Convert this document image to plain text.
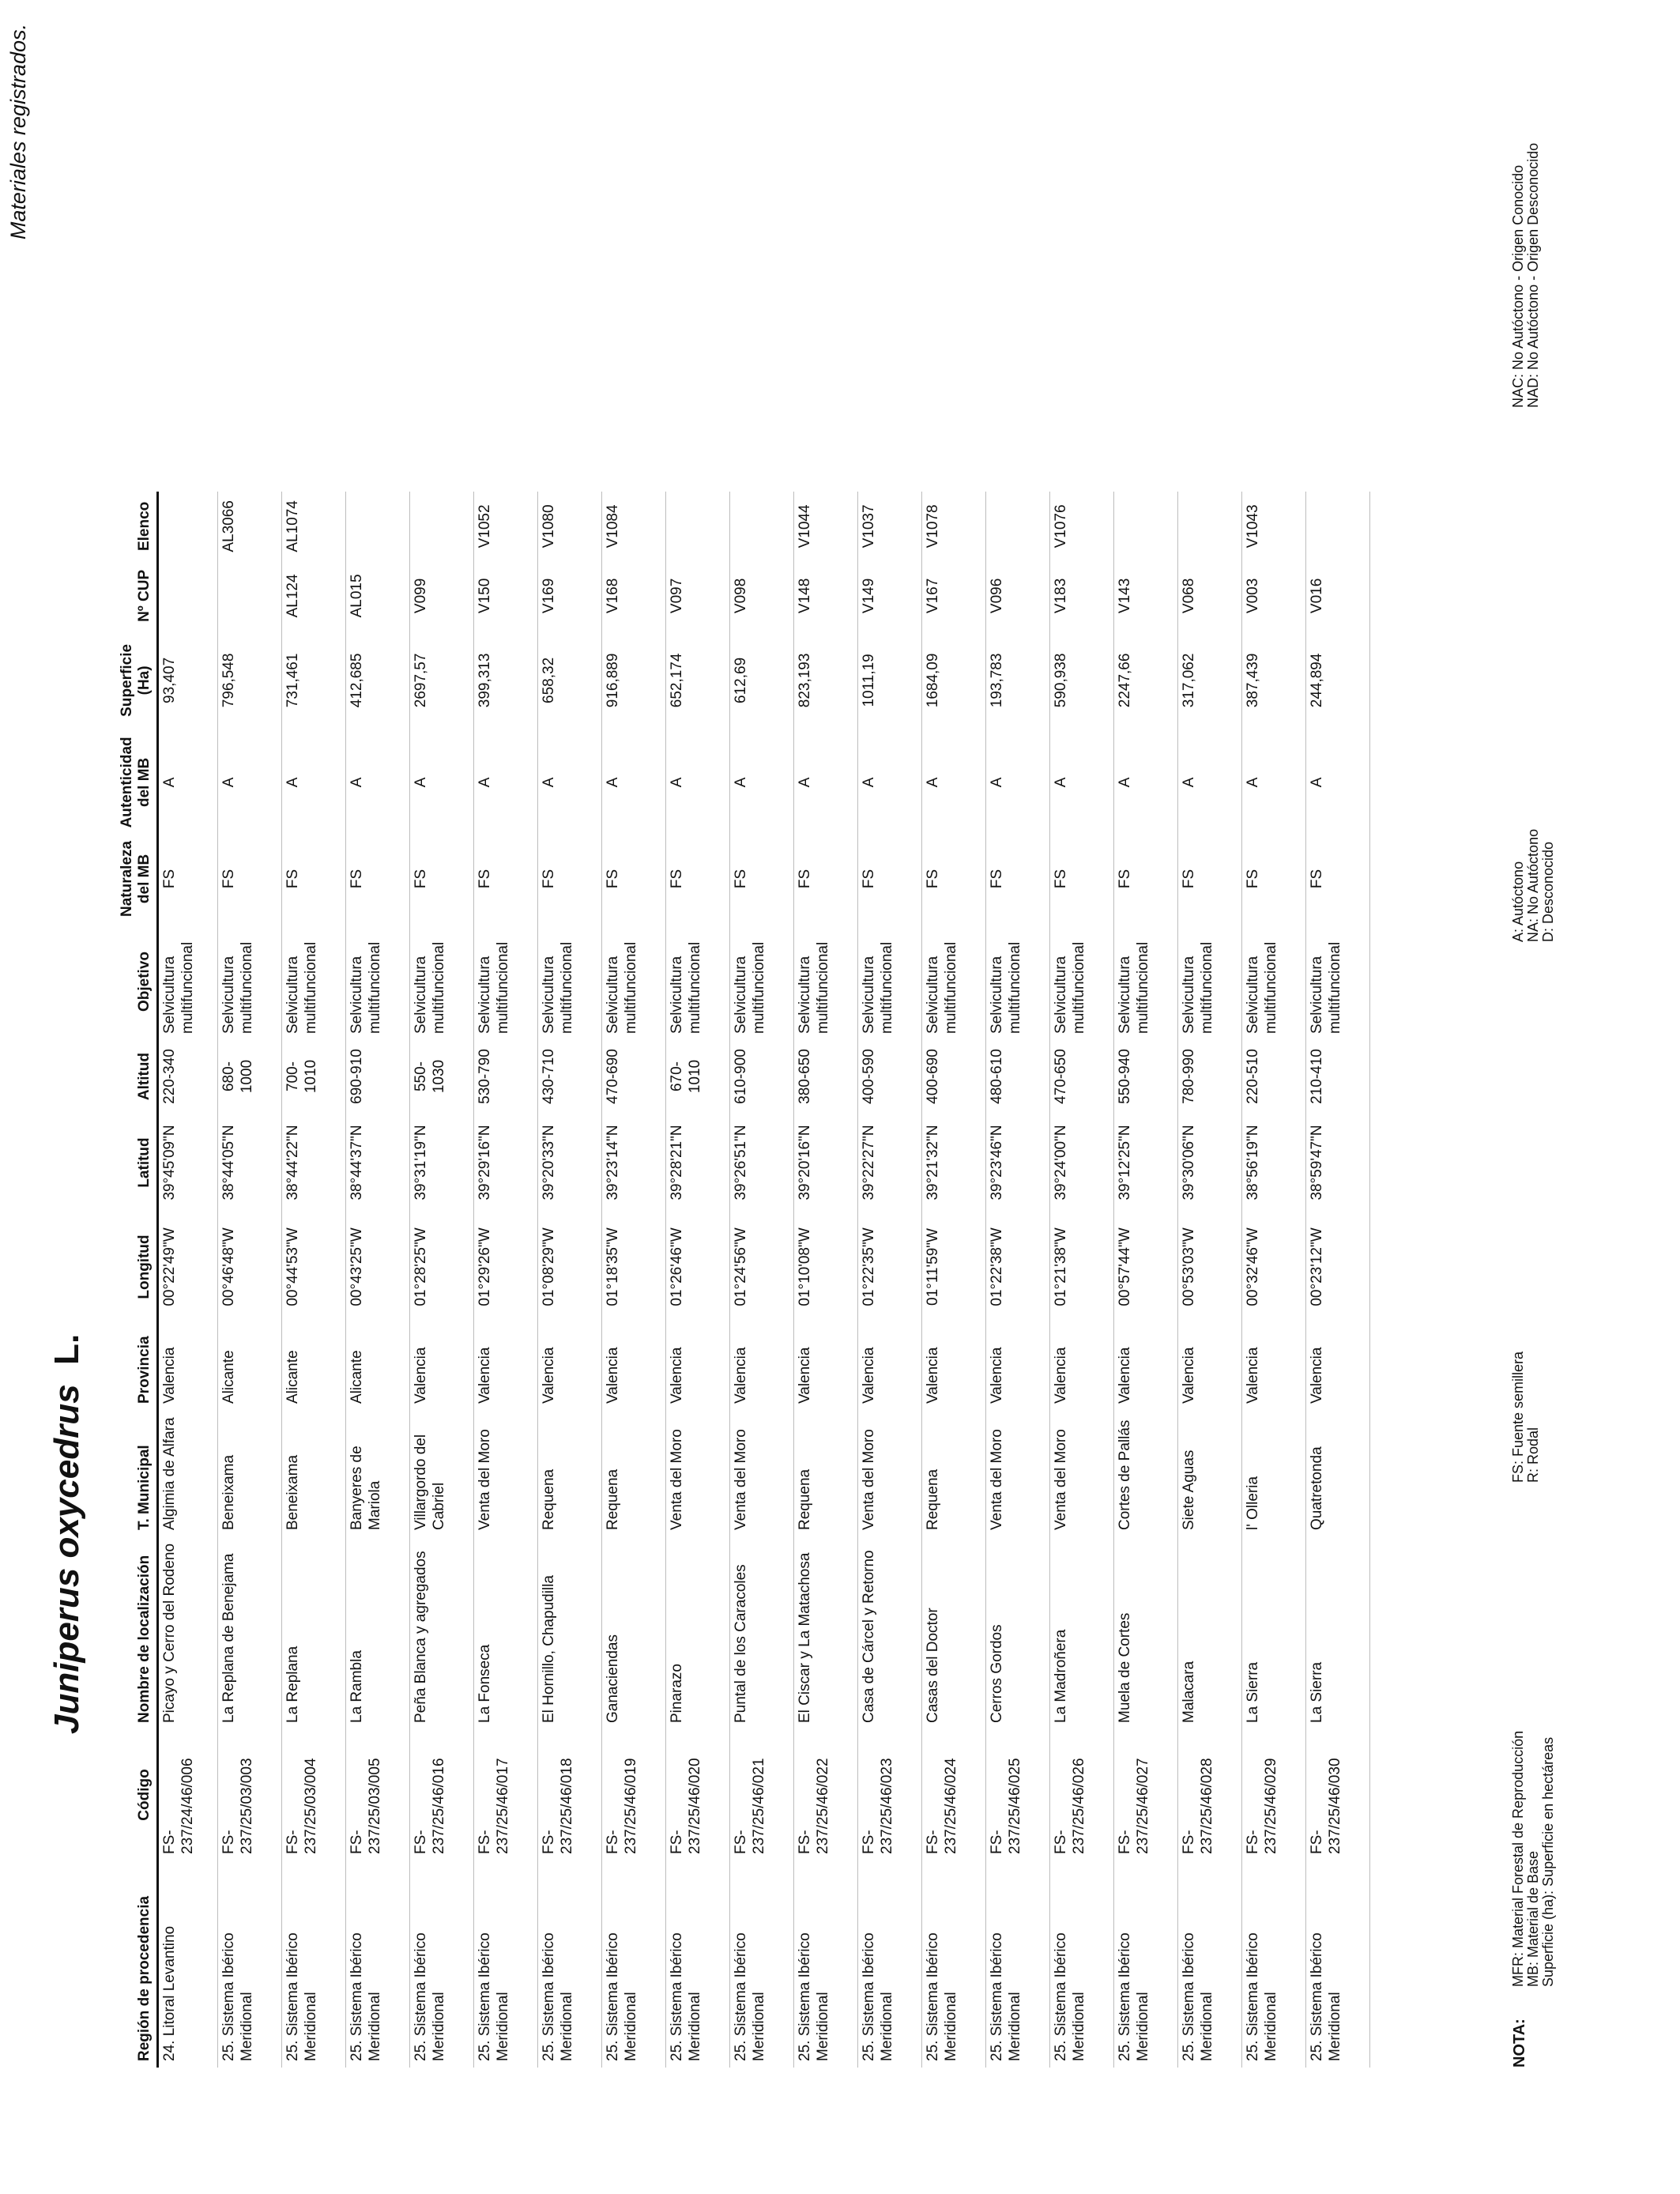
Materiales registrados.
Juniperus oxycedrus  L.
Región de procedencia	Código	Nombre de localización	T. Municipal	Provincia	Longitud	Latitud	Altitud	Objetivo	Naturaleza del MB	Autenticidad del MB	Superficie (Ha)	Nº CUP	Elenco
24. Litoral Levantino	FS-237/24/46/006	Picayo y Cerro del Rodeno	Algimia de Alfara	Valencia	00°22'49"W	39°45'09"N	220-340	Selvicultura multifuncional	FS	A	93,407		
25. Sistema Ibérico Meridional	FS-237/25/03/003	La Replana de Benejama	Beneixama	Alicante	00°46'48"W	38°44'05"N	680-1000	Selvicultura multifuncional	FS	A	796,548		AL3066
25. Sistema Ibérico Meridional	FS-237/25/03/004	La Replana	Beneixama	Alicante	00°44'53"W	38°44'22"N	700-1010	Selvicultura multifuncional	FS	A	731,461	AL124	AL1074
25. Sistema Ibérico Meridional	FS-237/25/03/005	La Rambla	Banyeres de Mariola	Alicante	00°43'25"W	38°44'37"N	690-910	Selvicultura multifuncional	FS	A	412,685	AL015	
25. Sistema Ibérico Meridional	FS-237/25/46/016	Peña Blanca y agregados	Villargordo del Cabriel	Valencia	01°28'25"W	39°31'19"N	550-1030	Selvicultura multifuncional	FS	A	2697,57	V099	
25. Sistema Ibérico Meridional	FS-237/25/46/017	La Fonseca	Venta del Moro	Valencia	01°29'26"W	39°29'16"N	530-790	Selvicultura multifuncional	FS	A	399,313	V150	V1052
25. Sistema Ibérico Meridional	FS-237/25/46/018	El Hornillo, Chapudilla	Requena	Valencia	01°08'29"W	39°20'33"N	430-710	Selvicultura multifuncional	FS	A	658,32	V169	V1080
25. Sistema Ibérico Meridional	FS-237/25/46/019	Ganaciendas	Requena	Valencia	01°18'35"W	39°23'14"N	470-690	Selvicultura multifuncional	FS	A	916,889	V168	V1084
25. Sistema Ibérico Meridional	FS-237/25/46/020	Pinarazo	Venta del Moro	Valencia	01°26'46"W	39°28'21"N	670-1010	Selvicultura multifuncional	FS	A	652,174	V097	
25. Sistema Ibérico Meridional	FS-237/25/46/021	Puntal de los Caracoles	Venta del Moro	Valencia	01°24'56"W	39°26'51"N	610-900	Selvicultura multifuncional	FS	A	612,69	V098	
25. Sistema Ibérico Meridional	FS-237/25/46/022	El Ciscar y La Matachosa	Requena	Valencia	01°10'08"W	39°20'16"N	380-650	Selvicultura multifuncional	FS	A	823,193	V148	V1044
25. Sistema Ibérico Meridional	FS-237/25/46/023	Casa de Cárcel y Retorno	Venta del Moro	Valencia	01°22'35"W	39°22'27"N	400-590	Selvicultura multifuncional	FS	A	1011,19	V149	V1037
25. Sistema Ibérico Meridional	FS-237/25/46/024	Casas del Doctor	Requena	Valencia	01°11'59"W	39°21'32"N	400-690	Selvicultura multifuncional	FS	A	1684,09	V167	V1078
25. Sistema Ibérico Meridional	FS-237/25/46/025	Cerros Gordos	Venta del Moro	Valencia	01°22'38"W	39°23'46"N	480-610	Selvicultura multifuncional	FS	A	193,783	V096	
25. Sistema Ibérico Meridional	FS-237/25/46/026	La Madroñera	Venta del Moro	Valencia	01°21'38"W	39°24'00"N	470-650	Selvicultura multifuncional	FS	A	590,938	V183	V1076
25. Sistema Ibérico Meridional	FS-237/25/46/027	Muela de Cortes	Cortes de Pallás	Valencia	00°57'44"W	39°12'25"N	550-940	Selvicultura multifuncional	FS	A	2247,66	V143	
25. Sistema Ibérico Meridional	FS-237/25/46/028	Malacara	Siete Aguas	Valencia	00°53'03"W	39°30'06"N	780-990	Selvicultura multifuncional	FS	A	317,062	V068	
25. Sistema Ibérico Meridional	FS-237/25/46/029	La Sierra	l' Olleria	Valencia	00°32'46"W	38°56'19"N	220-510	Selvicultura multifuncional	FS	A	387,439	V003	V1043
25. Sistema Ibérico Meridional	FS-237/25/46/030	La Sierra	Quatretonda	Valencia	00°23'12"W	38°59'47"N	210-410	Selvicultura multifuncional	FS	A	244,894	V016	
NOTA:
MFR: Material Forestal de Reproducción MB: Material de Base Superficie (ha): Superficie en hectáreas
FS: Fuente semillera R: Rodal
A: Autóctono NA: No Autóctono D: Desconocido
NAC: No Autóctono - Origen Conocido NAD: No Autóctono - Origen Desconocido
